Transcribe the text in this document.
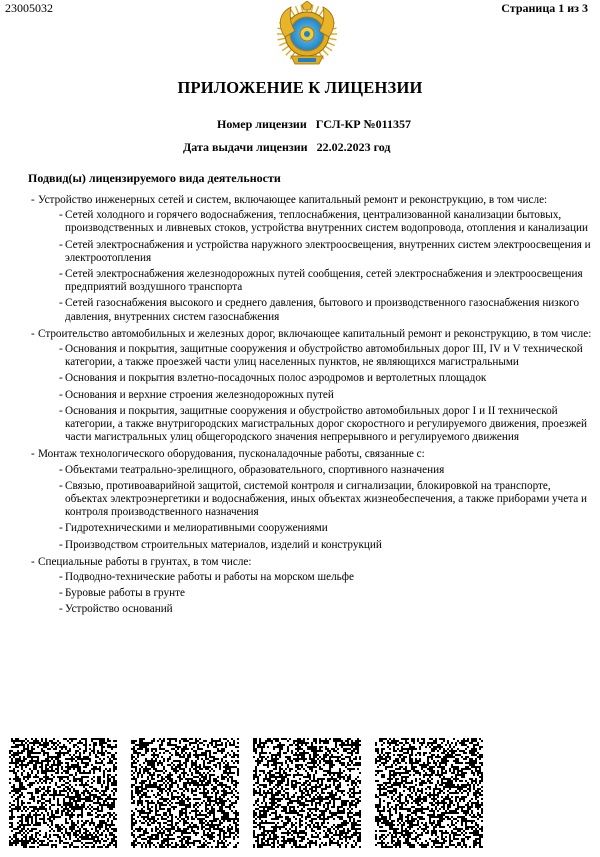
23005032	Страница 1 из 3
ПРИЛОЖЕНИЕ К ЛИЦЕНЗИИ
Номер лицензии ГСЛ-КР №011357
Дата выдачи лицензии 22.02.2023 год
Подвид(ы) лицензируемого вида деятельности
- Устройство инженерных сетей и систем, включающее капитальный ремонт и реконструкцию, в том числе:
- Сетей холодного и горячего водоснабжения, теплоснабжения, централизованной канализации бытовых, производственных и ливневых стоков, устройства внутренних систем водопровода, отопления и канализации
- Сетей электроснабжения и устройства наружного электроосвещения, внутренних систем электроосвещения и электроотопления
- Сетей электроснабжения железнодорожных путей сообщения, сетей электроснабжения и электроосвещения предприятий воздушного транспорта
- Сетей газоснабжения высокого и среднего давления, бытового и производственного газоснабжения низкого давления, внутренних систем газоснабжения
- Строительство автомобильных и железных дорог, включающее капитальный ремонт и реконструкцию, в том числе:
- Основания и покрытия, защитные сооружения и обустройство автомобильных дорог III, IV и V технической категории, а также проезжей части улиц населенных пунктов, не являющихся магистральными
- Основания и покрытия взлетно-посадочных полос аэродромов и вертолетных площадок
- Основания и верхние строения железнодорожных путей
- Основания и покрытия, защитные сооружения и обустройство автомобильных дорог I и II технической категории, а также внутригородских магистральных дорог скоростного и регулируемого движения, проезжей части магистральных улиц общегородского значения непрерывного и регулируемого движения
- Монтаж технологического оборудования, пусконаладочные работы, связанные с:
- Объектами театрально-зрелищного, образовательного, спортивного назначения
- Связью, противоаварийной защитой, системой контроля и сигнализации, блокировкой на транспорте, объектах электроэнергетики и водоснабжения, иных объектах жизнеобеспечения, а также приборами учета и контроля производственного назначения
- Гидротехническими и мелиоративными сооружениями
- Производством строительных материалов, изделий и конструкций
- Специальные работы в грунтах, в том числе:
- Подводно-технические работы и работы на морском шельфе
- Буровые работы в грунте
- Устройство оснований
